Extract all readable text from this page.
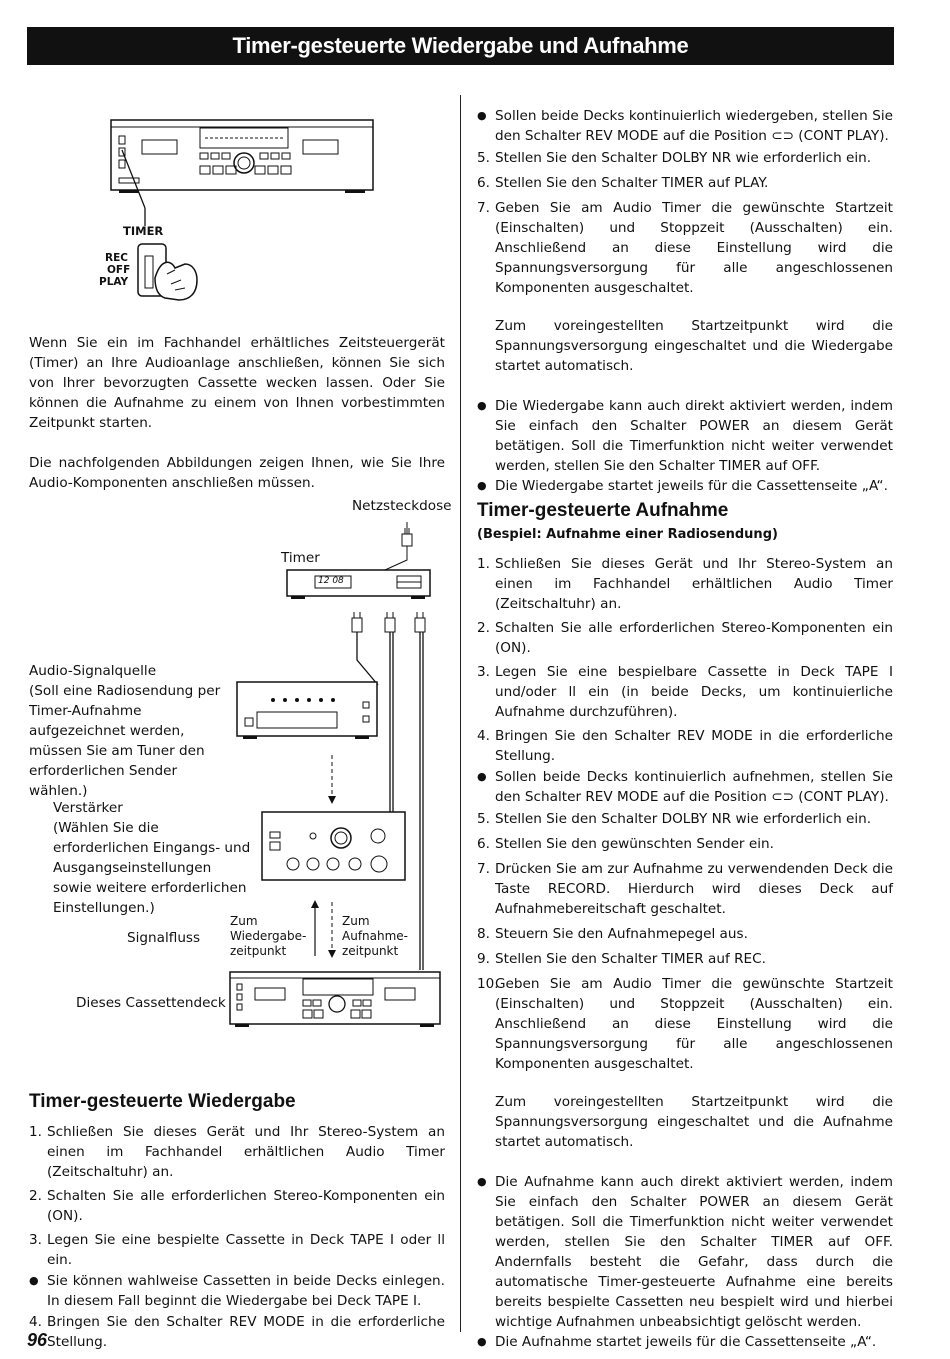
Timer-gesteuerte Wiedergabe und Aufnahme
TIMER
REC
OFF
PLAY

Wenn Sie ein im Fachhandel erhältliches Zeitsteuergerät (Timer) an Ihre Audioanlage anschließen, können Sie sich von Ihrer bevorzugten Cassette wecken lassen. Oder Sie können die Aufnahme zu einem von Ihnen vorbestimmten Zeitpunkt starten.

Die nachfolgenden Abbildungen zeigen Ihnen, wie Sie Ihre Audio-Komponenten anschließen müssen.

12 08
Netzsteckdose
Timer
Audio-Signalquelle
(Soll eine Radiosendung per Timer-Aufnahme aufgezeichnet werden, müssen Sie am Tuner den erforderlichen Sender wählen.)
Verstärker
(Wählen Sie die erforderlichen Eingangs- und Ausgangseinstellungen sowie weitere erforderlichen Einstellungen.)
Signalfluss
Zum
Wiedergabe-
zeitpunkt
Zum
Aufnahme-
zeitpunkt
Dieses Cassettendeck
Timer-gesteuerte Wiedergabe
1. Schließen Sie dieses Gerät und Ihr Stereo-System an einen im Fachhandel erhältlichen Audio Timer (Zeitschaltuhr) an.
2. Schalten Sie alle erforderlichen Stereo-Komponenten ein (ON).
3. Legen Sie eine bespielte Cassette in Deck TAPE I oder ll ein.
● Sie können wahlweise Cassetten in beide Decks einlegen. In diesem Fall beginnt die Wiedergabe bei Deck TAPE I.
4. Bringen Sie den Schalter REV MODE in die erforderliche Stellung.
● Sollen beide Decks kontinuierlich wiedergeben, stellen Sie den Schalter REV MODE auf die Position ⊂⊃ (CONT PLAY).
5. Stellen Sie den Schalter DOLBY NR wie erforderlich ein.
6. Stellen Sie den Schalter TIMER auf PLAY.
7. Geben Sie am Audio Timer die gewünschte Startzeit (Einschalten) und Stoppzeit (Ausschalten) ein. Anschließend an diese Einstellung wird die Spannungsversorgung für alle angeschlossenen Komponenten ausgeschaltet.

Zum voreingestellten Startzeitpunkt wird die Spannungsversorgung eingeschaltet und die Wiedergabe startet automatisch.

● Die Wiedergabe kann auch direkt aktiviert werden, indem Sie einfach den Schalter POWER an diesem Gerät betätigen. Soll die Timerfunktion nicht weiter verwendet werden, stellen Sie den Schalter TIMER auf OFF.
● Die Wiedergabe startet jeweils für die Cassettenseite „A“.
Timer-gesteuerte Aufnahme
(Bespiel: Aufnahme einer Radiosendung)
1. Schließen Sie dieses Gerät und Ihr Stereo-System an einen im Fachhandel erhältlichen Audio Timer (Zeitschaltuhr) an.
2. Schalten Sie alle erforderlichen Stereo-Komponenten ein (ON).
3. Legen Sie eine bespielbare Cassette in Deck TAPE I und/oder ll ein (in beide Decks, um kontinuierliche Aufnahme durchzuführen).
4. Bringen Sie den Schalter REV MODE in die erforderliche Stellung.
● Sollen beide Decks kontinuierlich aufnehmen, stellen Sie den Schalter REV MODE auf die Position ⊂⊃ (CONT PLAY).
5. Stellen Sie den Schalter DOLBY NR wie erforderlich ein.
6. Stellen Sie den gewünschten Sender ein.
7. Drücken Sie am zur Aufnahme zu verwendenden Deck die Taste RECORD. Hierdurch wird dieses Deck auf Aufnahmebereitschaft geschaltet.
8. Steuern Sie den Aufnahmepegel aus.
9. Stellen Sie den Schalter TIMER auf REC.
10.
Geben Sie am Audio Timer die gewünschte Startzeit (Einschalten) und Stoppzeit (Ausschalten) ein. Anschließend an diese Einstellung wird die Spannungsversorgung für alle angeschlossenen Komponenten ausgeschaltet.

Zum voreingestellten Startzeitpunkt wird die Spannungsversorgung eingeschaltet und die Aufnahme startet automatisch.

● Die Aufnahme kann auch direkt aktiviert werden, indem Sie einfach den Schalter POWER an diesem Gerät betätigen. Soll die Timerfunktion nicht weiter verwendet werden, stellen Sie den Schalter TIMER auf OFF. Andernfalls besteht die Gefahr, dass durch die automatische Timer-gesteuerte Aufnahme eine bereits bereits bespielte Cassetten neu bespielt wird und hierbei wichtige Aufnahmen unbeabsichtigt gelöscht werden.
● Die Aufnahme startet jeweils für die Cassettenseite „A“.
96
